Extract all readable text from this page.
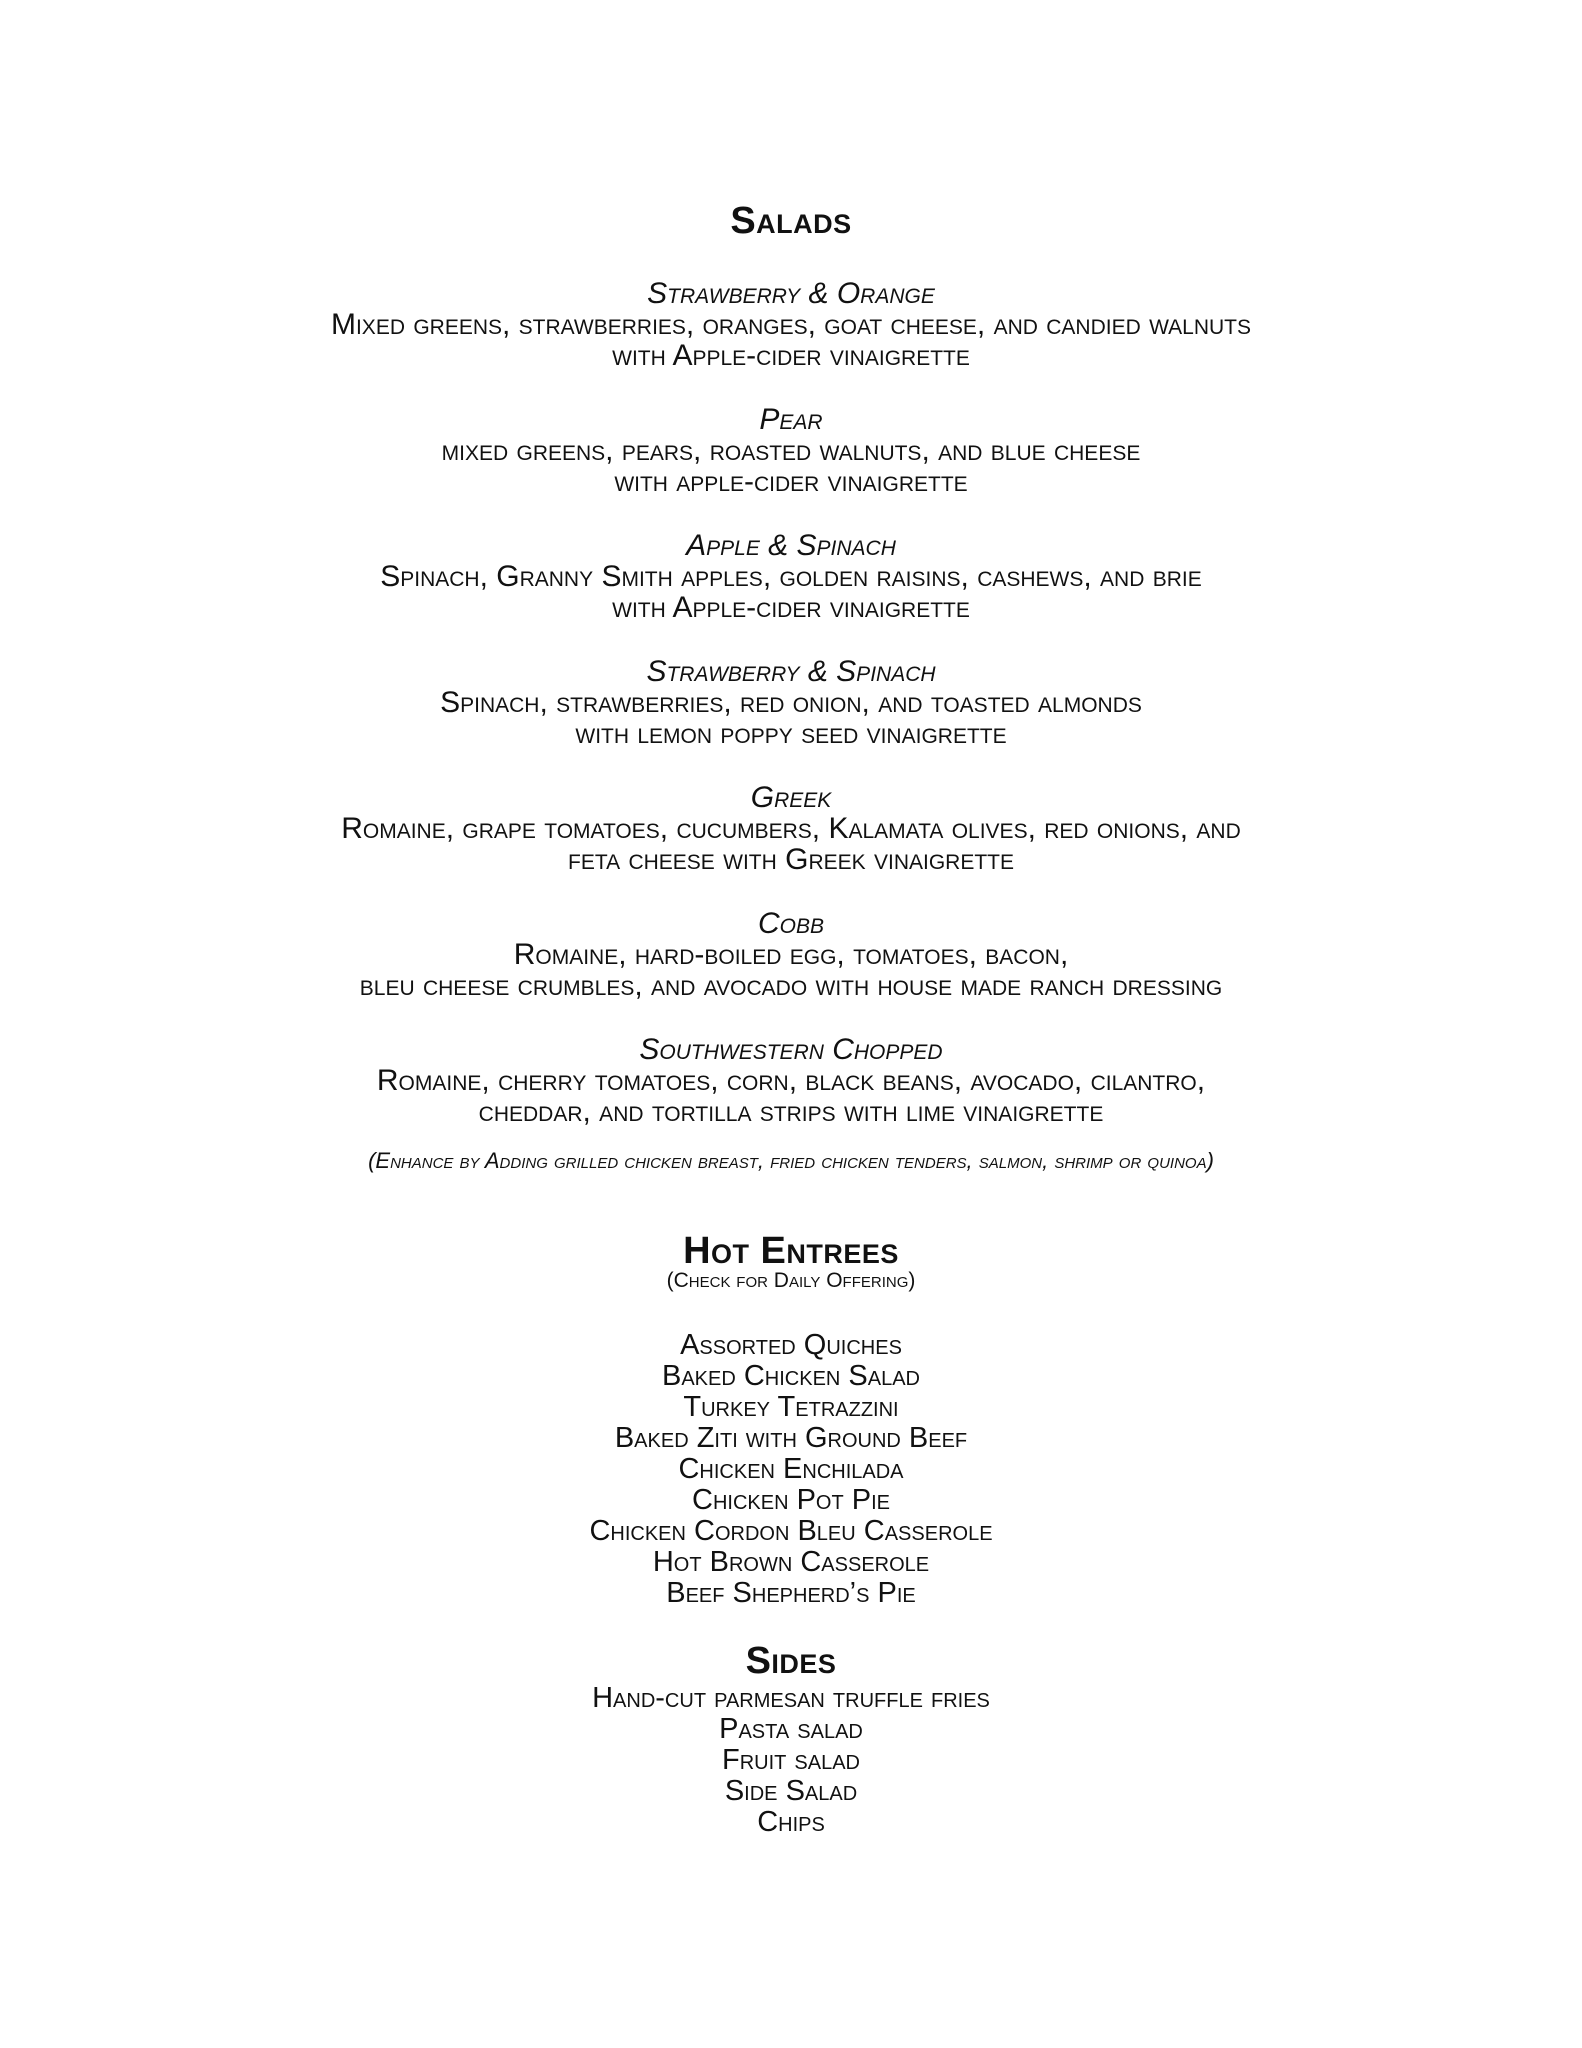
Salads
Strawberry & Orange
Mixed greens, strawberries, oranges, goat cheese, and candied walnuts
with Apple-cider vinaigrette
Pear
mixed greens, pears, roasted walnuts, and blue cheese
with apple-cider vinaigrette
Apple & Spinach
Spinach, Granny Smith apples, golden raisins, cashews, and brie
with Apple-cider vinaigrette
Strawberry & Spinach
Spinach, strawberries, red onion, and toasted almonds
with lemon poppy seed vinaigrette
Greek
Romaine, grape tomatoes, cucumbers, Kalamata olives, red onions, and
feta cheese with Greek vinaigrette
Cobb
Romaine, hard-boiled egg, tomatoes, bacon,
bleu cheese crumbles, and avocado with house made ranch dressing
Southwestern Chopped
Romaine, cherry tomatoes, corn, black beans, avocado, cilantro,
cheddar, and tortilla strips with lime vinaigrette
(Enhance by Adding grilled chicken breast, fried chicken tenders, salmon, shrimp or quinoa)
Hot Entrees
(Check for Daily Offering)
Assorted Quiches
Baked Chicken Salad
Turkey Tetrazzini
Baked Ziti with Ground Beef
Chicken Enchilada
Chicken Pot Pie
Chicken Cordon Bleu Casserole
Hot Brown Casserole
Beef Shepherd’s Pie
Sides
Hand-cut parmesan truffle fries
Pasta salad
Fruit salad
Side Salad
Chips
